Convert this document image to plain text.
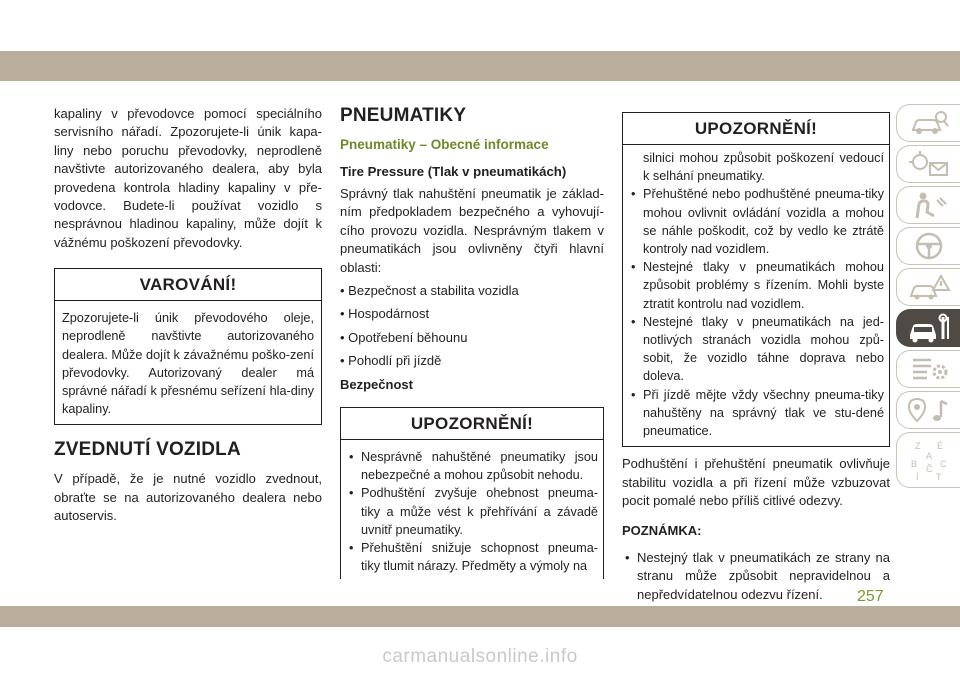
kapaliny v převodovce pomocí speciálního servisního nářadí. Zpozorujete-li únik kapa-liny nebo poruchu převodovky, neprodleně navštivte autorizovaného dealera, aby byla provedena kontrola hladiny kapaliny v pře-vodovce. Budete-li používat vozidlo s nesprávnou hladinou kapaliny, může dojít k vážnému poškození převodovky.

VAROVÁNÍ!

Zpozorujete-li únik převodového oleje, neprodleně navštivte autorizovaného dealera. Může dojít k závažnému poško-zení převodovky. Autorizovaný dealer má správné nářadí k přesnému seřízení hla-diny kapaliny.

ZVEDNUTÍ VOZIDLA

V případě, že je nutné vozidlo zvednout, obraťte se na autorizovaného dealera nebo autoservis.

PNEUMATIKY
Pneumatiky – Obecné informace
Tire Pressure (Tlak v pneumatikách)

Správný tlak nahuštění pneumatik je základ-ním předpokladem bezpečného a vyhovují-cího provozu vozidla. Nesprávným tlakem v pneumatikách jsou ovlivněny čtyři hlavní oblasti:

• Bezpečnost a stabilita vozidla
• Hospodárnost
• Opotřebení běhounu
• Pohodlí při jízdě

Bezpečnost

UPOZORNĚNÍ!
• Nesprávně nahuštěné pneumatiky jsou nebezpečné a mohou způsobit nehodu.
• Podhuštění zvyšuje ohebnost pneuma-tiky a může vést k přehřívání a závadě uvnitř pneumatiky.
• Přehuštění snižuje schopnost pneuma-tiky tlumit nárazy. Předměty a výmoly na
UPOZORNĚNÍ!
silnici mohou způsobit poškození vedoucí k selhání pneumatiky.
• Přehuštěné nebo podhuštěné pneuma-tiky mohou ovlivnit ovládání vozidla a mohou se náhle poškodit, což by vedlo ke ztrátě kontroly nad vozidlem.
• Nestejné tlaky v pneumatikách mohou způsobit problémy s řízením. Mohli byste ztratit kontrolu nad vozidlem.
• Nestejné tlaky v pneumatikách na jed-notlivých stranách vozidla mohou způ-sobit, že vozidlo táhne doprava nebo doleva.
• Při jízdě mějte vždy všechny pneuma-tiky nahuštěny na správný tlak ve stu-dené pneumatice.

Podhuštění i přehuštění pneumatik ovlivňuje stabilitu vozidla a při řízení může vzbuzovat pocit pomalé nebo příliš citlivé odezvy.

POZNÁMKA:

• Nestejný tlak v pneumatikách ze strany na stranu může způsobit nepravidelnou a nepředvídatelnou odezvu řízení.
Z É
A
B	C
Č
Í T
257
carmanualsonline.info
